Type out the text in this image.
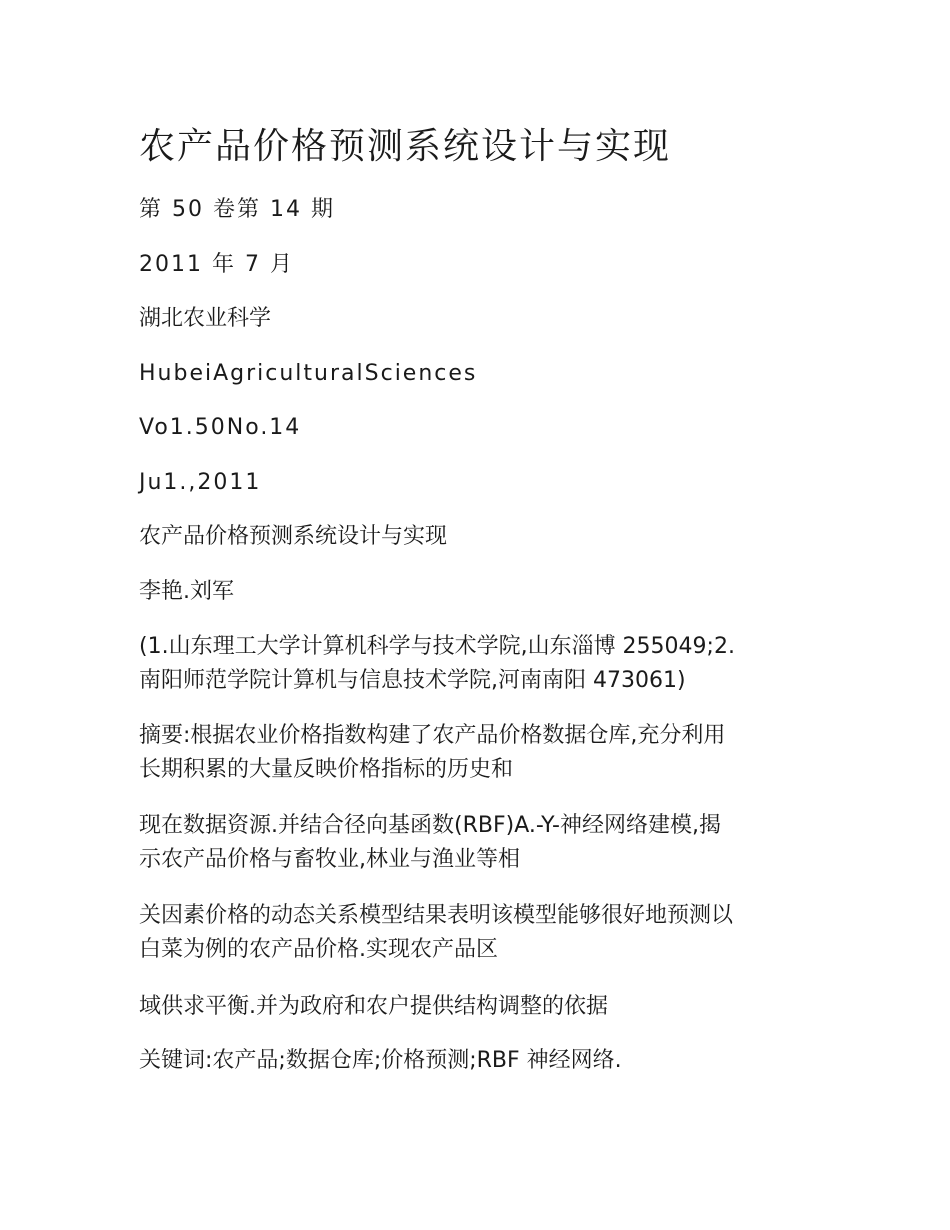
农产品价格预测系统设计与实现

第 50 卷第 14 期

2011 年 7 月

湖北农业科学

HubeiAgriculturalSciences

Vo1.50No.14

Ju1.,2011

农产品价格预测系统设计与实现

李艳.刘军

(1.山东理工大学计算机科学与技术学院,山东淄博 255049;2.
南阳师范学院计算机与信息技术学院,河南南阳 473061)
摘要:根据农业价格指数构建了农产品价格数据仓库,充分利用
长期积累的大量反映价格指标的历史和
现在数据资源.并结合径向基函数(RBF)A.-Y-神经网络建模,揭
示农产品价格与畜牧业,林业与渔业等相
关因素价格的动态关系模型结果表明该模型能够很好地预测以
白菜为例的农产品价格.实现农产品区

域供求平衡.并为政府和农户提供结构调整的依据

关键词:农产品;数据仓库;价格预测;RBF 神经网络.
